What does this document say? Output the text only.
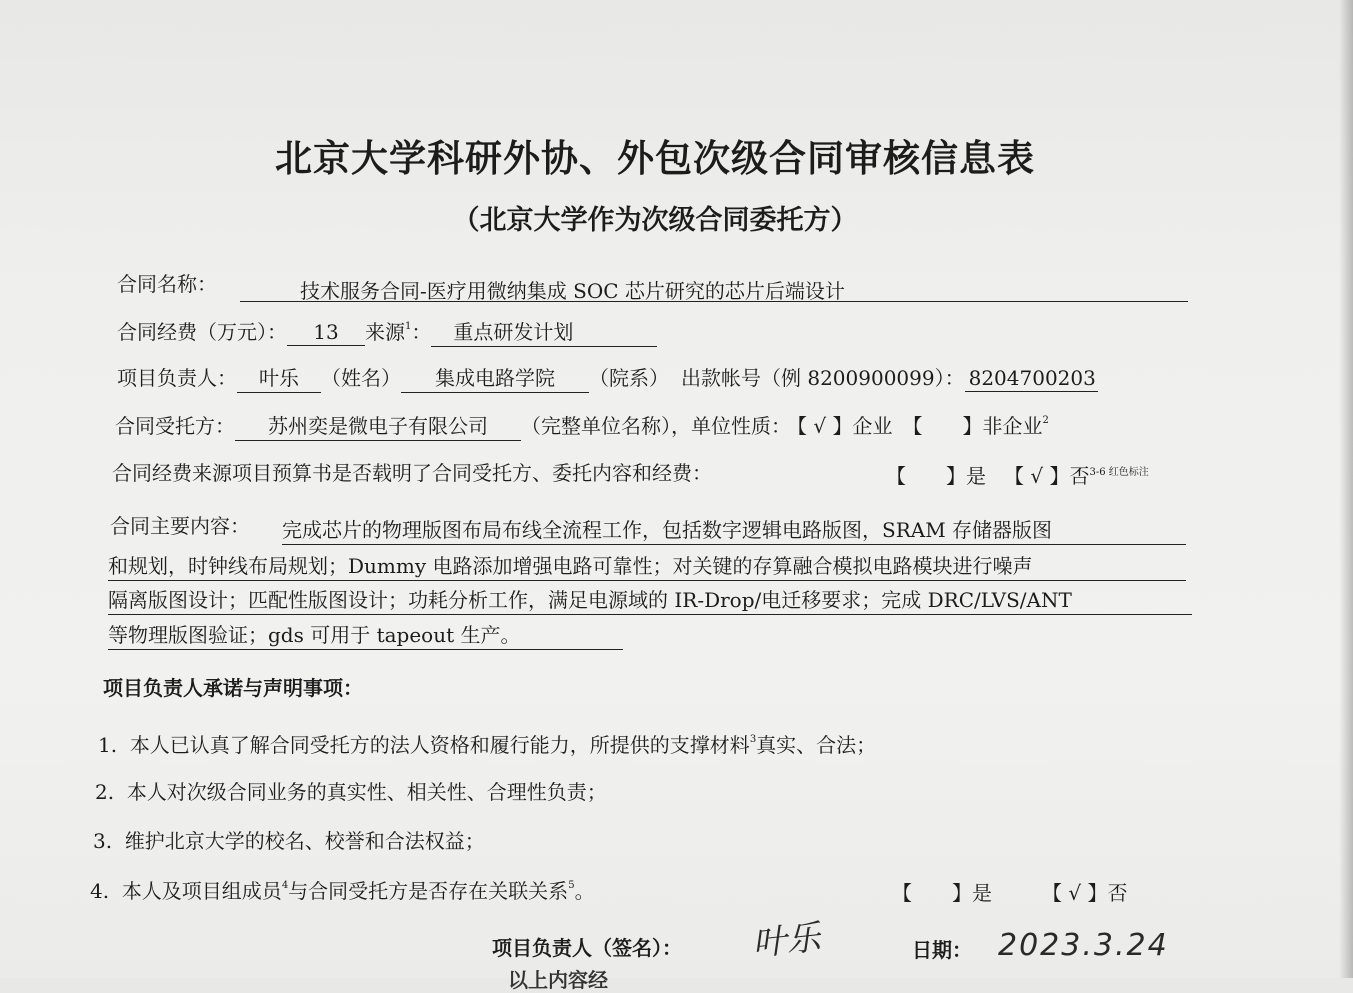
北京大学科研外协、外包次级合同审核信息表
（北京大学作为次级合同委托方）
合同名称：	技术服务合同-医疗用微纳集成 SOC 芯片研究的芯片后端设计
合同经费（万元）： 13 来源$^1$： 重点研发计划
项目负责人： 叶乐 （姓名） 集成电路学院 （院系） 出款帐号（例 8200900099）： 8204700203
合同受托方： 苏州奕是微电子有限公司 （完整单位名称），单位性质： 【 √ 】企业 【　　】非企业$^2$
合同经费来源项目预算书是否载明了合同受托方、委托内容和经费：	【　　】是 【 √ 】否$^{3-6 红色标注}$
合同主要内容： 完成芯片的物理版图布局布线全流程工作，包括数字逻辑电路版图，SRAM 存储器版图
和规划，时钟线布局规划；Dummy 电路添加增强电路可靠性；对关键的存算融合模拟电路模块进行噪声
隔离版图设计；匹配性版图设计；功耗分析工作，满足电源域的 IR-Drop/电迁移要求；完成 DRC/LVS/ANT
等物理版图验证；gds 可用于 tapeout 生产。
项目负责人承诺与声明事项：
1. 本人已认真了解合同受托方的法人资格和履行能力，所提供的支撑材料$^3$真实、合法；
2. 本人对次级合同业务的真实性、相关性、合理性负责；
3. 维护北京大学的校名、校誉和合法权益；
4. 本人及项目组成员$^4$与合同受托方是否存在关联关系$^5$。	【　　】是	【 √ 】否
项目负责人（签名）： 叶乐	日期： 2023.3.24
以上内容经
